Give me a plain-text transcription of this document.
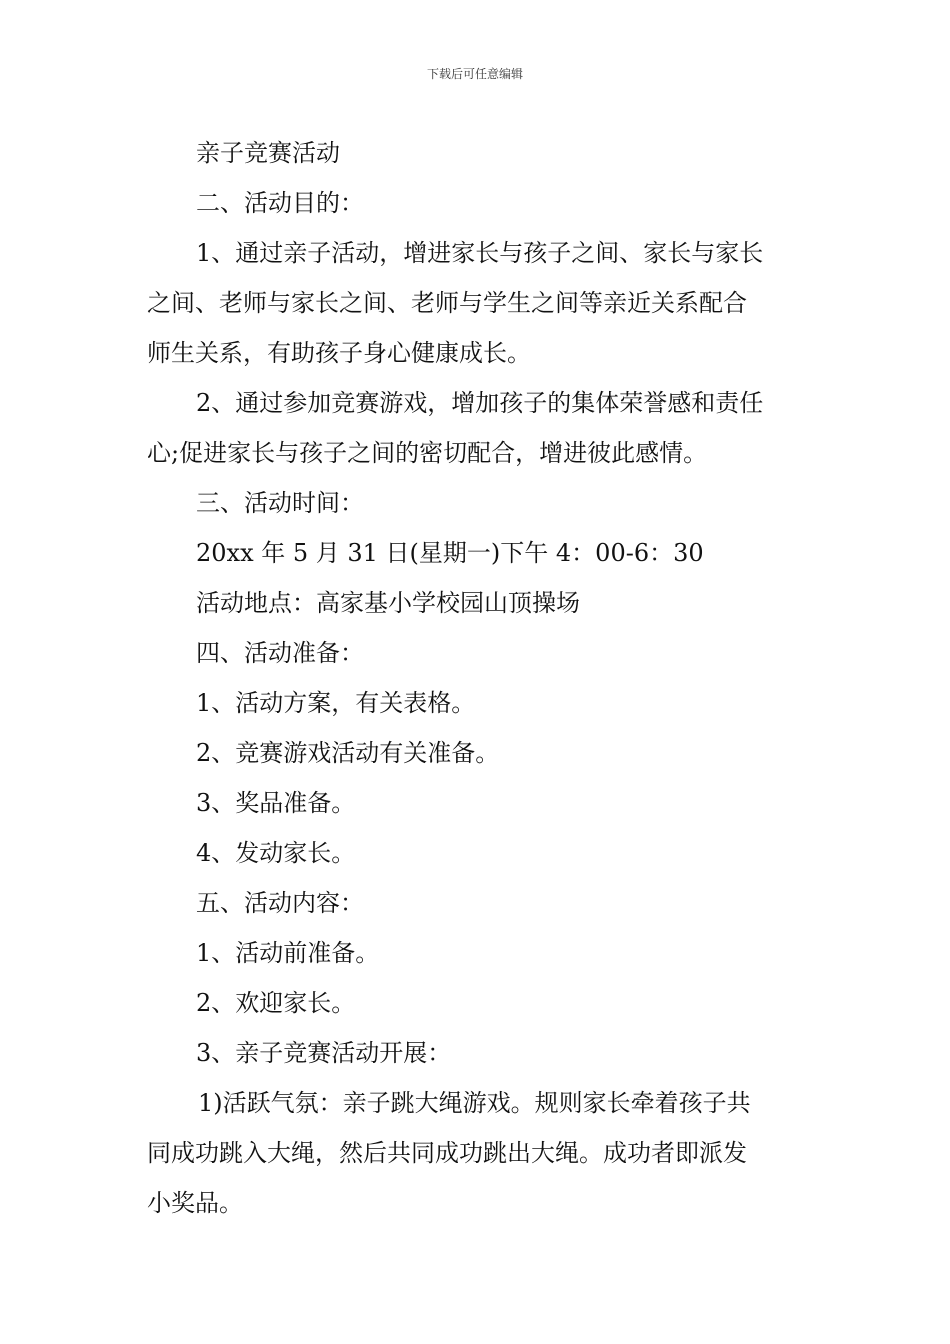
下载后可任意编辑
亲子竞赛活动
二、活动目的：
1、通过亲子活动，增进家长与孩子之间、家长与家长
之间、老师与家长之间、老师与学生之间等亲近关系配合
师生关系，有助孩子身心健康成长。
2、通过参加竞赛游戏，增加孩子的集体荣誉感和责任
心;促进家长与孩子之间的密切配合，增进彼此感情。
三、活动时间：
20xx 年 5 月 31 日(星期一)下午 4：00-6：30
活动地点：高家基小学校园山顶操场
四、活动准备：
1、活动方案，有关表格。
2、竞赛游戏活动有关准备。
3、奖品准备。
4、发动家长。
五、活动内容：
1、活动前准备。
2、欢迎家长。
3、亲子竞赛活动开展：
1)活跃气氛：亲子跳大绳游戏。规则家长牵着孩子共
同成功跳入大绳，然后共同成功跳出大绳。成功者即派发
小奖品。
